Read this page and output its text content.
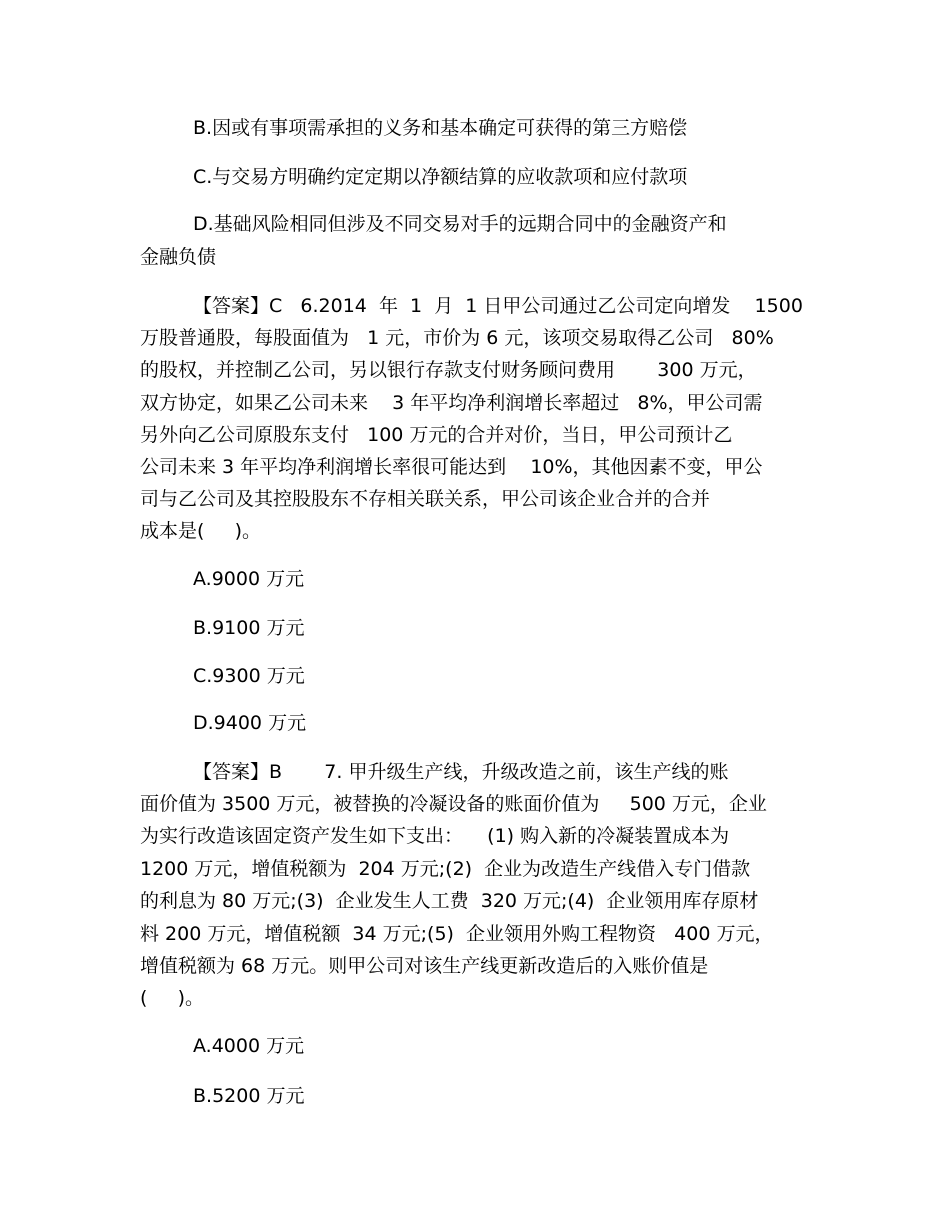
B.因或有事项需承担的义务和基本确定可获得的第三方赔偿
C.与交易方明确约定定期以净额结算的应收款项和应付款项
D.基础风险相同但涉及不同交易对手的远期合同中的金融资产和
金融负债
【答案】C   6.2014  年  1  月  1 日甲公司通过乙公司定向增发    1500
万股普通股，每股面值为   1 元，市价为 6 元，该项交易取得乙公司   80%
的股权，并控制乙公司，另以银行存款支付财务顾问费用       300 万元，
双方协定，如果乙公司未来    3 年平均净利润增长率超过   8%，甲公司需
另外向乙公司原股东支付   100 万元的合并对价，当日，甲公司预计乙
公司未来 3 年平均净利润增长率很可能达到    10%，其他因素不变，甲公
司与乙公司及其控股股东不存相关联关系，甲公司该企业合并的合并
成本是(     )。
A.9000 万元
B.9100 万元
C.9300 万元
D.9400 万元
【答案】B       7. 甲升级生产线，升级改造之前，该生产线的账
面价值为 3500 万元，被替换的冷凝设备的账面价值为     500 万元，企业
为实行改造该固定资产发生如下支出：    (1) 购入新的冷凝装置成本为
1200 万元，增值税额为  204 万元;(2)  企业为改造生产线借入专门借款
的利息为 80 万元;(3)  企业发生人工费  320 万元;(4)  企业领用库存原材
料 200 万元，增值税额  34 万元;(5)  企业领用外购工程物资   400 万元，
增值税额为 68 万元。则甲公司对该生产线更新改造后的入账价值是
(     )。
A.4000 万元
B.5200 万元
